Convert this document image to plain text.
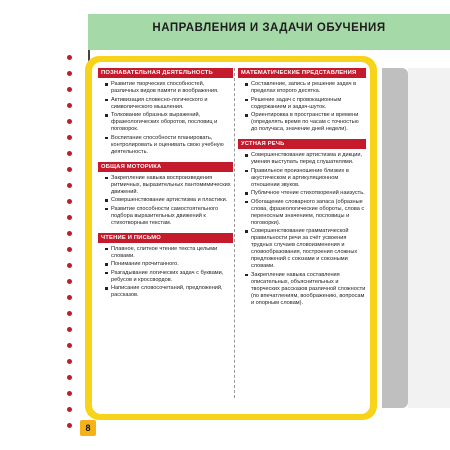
НАПРАВЛЕНИЯ И ЗАДАЧИ ОБУЧЕНИЯ
ПОЗНАВАТЕЛЬНАЯ ДЕЯТЕЛЬНОСТЬ
Развитие творческих способностей, различных видов памяти и воображения.
Активизация словесно-логического и символического мышления.
Толкование образных выражений, фразеологических оборотов, пословиц и поговорок.
Воспитание способности планировать, контролировать и оценивать свою учебную деятельность.
ОБЩАЯ МОТОРИКА
Закрепление навыка воспроизведения ритмичных, выразительных пантомимических движений.
Совершенствование артистизма и пластики.
Развитие способности самостоятельного подбора выразительных движений к стихотворным текстам.
ЧТЕНИЕ И ПИСЬМО
Плавное, слитное чтение текста целыми словами.
Понимание прочитанного.
Разгадывание логических задач с буквами, ребусов и кроссвордов.
Написание словосочетаний, предложений, рассказов.
МАТЕМАТИЧЕСКИЕ ПРЕДСТАВЛЕНИЯ
Составление, запись и решение задач в пределах второго десятка.
Решение задач с провокационным содержанием и задач-шуток.
Ориентировка в пространстве и времени (определять время по часам с точностью до получаса, значение дней недели).
УСТНАЯ РЕЧЬ
Совершенствование артистизма и дикции, умения выступать перед слушателями.
Правильное произношение близких в акустическом и артикуляционном отношении звуков.
Публичное чтение стихотворений наизусть.
Обогащение словарного запаса (образные слова, фразеологические обороты, слова с переносным значением, пословицы и поговорки).
Совершенствование грамматической правильности речи за счёт усвоения трудных случаев словоизменения и словообразования, построения сложных предложений с союзами и союзными словами.
Закрепление навыка составления описательных, объяснительных и творческих рассказов различной сложности (по впечатлениям, воображению, вопросам и опорным словам).
8
